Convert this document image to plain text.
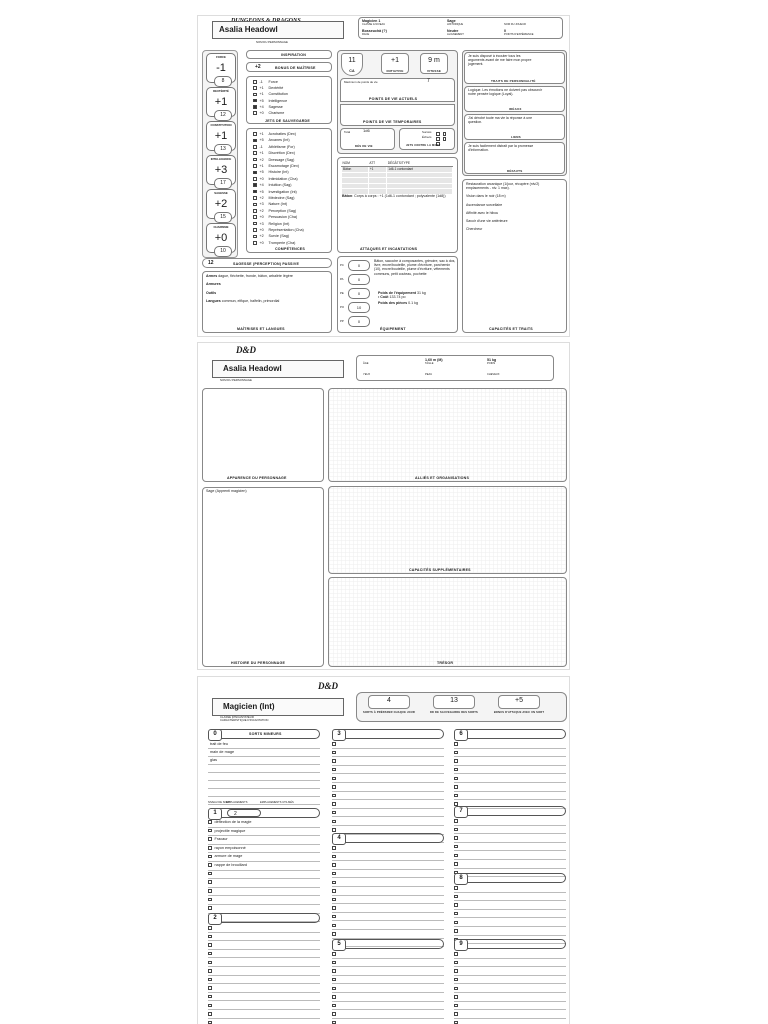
Asalia Headowl
NOM DU PERSONNAGE
Magicien 1
CLASSE & NIVEAU
Sage
HISTORIQUE	NOM DU JOUEUR
Bosseuchâ (?)
RACE
Neutre
ALIGNEMENT
0
POINTS D'EXPÉRIENCE
FORCE
-1
8
DEXTÉRITÉ
+1
12
CONSTITUTION
+1
13
INTELLIGENCE
+3
17
SAGESSE
+2
15
CHARISME
+0
10
INSPIRATION
+2	BONUS DE MAÎTRISE
-1 Force
+1 Dextérité
+1 Constitution
+5 Intelligence
+4 Sagesse
+0 Charisme
JETS DE SAUVEGARDE
+1 Acrobaties (Dex)
+5 Arcanes (Int)
-1 Athlétisme (For)
+1 Discrétion (Dex)
+2 Dressage (Sag)
+1 Escamotage (Dex)
+5 Histoire (Int)
+0 Intimidation (Cha)
+4 Intuition (Sag)
+5 Investigation (Int)
+2 Médecine (Sag)
+3 Nature (Int)
+2 Perception (Sag)
+0 Persuasion (Cha)
+3 Religion (Int)
+0 Représentation (Cha)
+2 Survie (Sag)
+0 Tromperie (Cha)
COMPÉTENCES
12	SAGESSE (PERCEPTION) PASSIVE
Armes dague, fléchette, fronde, bâton, arbalète légère
Armures
Outils
Langues commun, elfique, halfelin, primordial
MAÎTRISES ET LANGUES
11
CA
+1
INITIATIVE
9 m
VITESSE
Maximum de points de vie	7
POINTS DE VIE ACTUELS
POINTS DE VIE TEMPORAIRES
Total	1d6
DÉS DE VIE
Succès
Échecs
JETS CONTRE LA MORT
NOM	ATT	DÉGÂTS/TYPE
Bâton	+1	1d6-1 contondant

Bâton: Corps à corps : +1 (1d6-1 contondant ; polyvalente (1d8))
ATTAQUES ET INCANTATIONS
PC	0
PA	0
PE	0
PO	10
PP	0
Bâton, sacoche à composantes, grimoire, sac à dos, livre, encre/bouteille, plume d'écriture, parchemin (10), encre/bouteille, plume d'écriture, vêtements communs, petit couteau, pochette
Poids de l'équipement 31 kg
• Coût 133.74 po
Poids des pièces 0.1 kg
ÉQUIPEMENT
Je suis disposé à écouter tous les arguments avant de me faire mon propre jugement.
TRAITS DE PERSONNALITÉ
Logique. Les émotions ne doivent pas obscurcir notre pensée logique (Loyal).
IDÉAUX
J'ai dérobé toute ma vie la réponse à une question.
LIENS
Je suis facilement distrait par la promesse d'information.
DÉFAUTS
Restauration arcanique (1/jour, récupère (niv/2) emplacements - niv. 1 max).
Vision dans le noir (18 m)
Ascendance sorcellaire
Affinité avec le hibou
Savoir d'une vie antérieure
Chercheur
CAPACITÉS ET TRAITS
D&D
Asalia Headowl
NOM DU PERSONNAGE
ÂGE
1,60 m (M)
TAILLE
51 kg
POIDS
YEUX	PEAU	CHEVEUX
APPARENCE DU PERSONNAGE	ALLIÉS ET ORGANISATIONS
Sage (Apprenti magicien)
HISTOIRE DU PERSONNAGE
CAPACITÉS SUPPLÉMENTAIRES
TRÉSOR
D&D
Magicien (Int)
CLASSE D'INCANTATEUR
CARACTÉRISTIQUE D'INCANTATION
4
SORTS À PRÉPARER CHAQUE JOUR
13
DD DE SAUVEGARDE DES SORTS
+5
BONUS D'ATTAQUE AVEC UN SORT
0	SORTS MINEURS
trait de feu
main de mage
glas
NIVEAU DE SORT
EMPLACEMENTS	EMPLACEMENTS UTILISÉS
1	2
déflection de la magie
projectile magique
Fracaur
rayon empoisonné
armure de mage
nappe de brouillard
2
3
4
5
6
7
8
9
